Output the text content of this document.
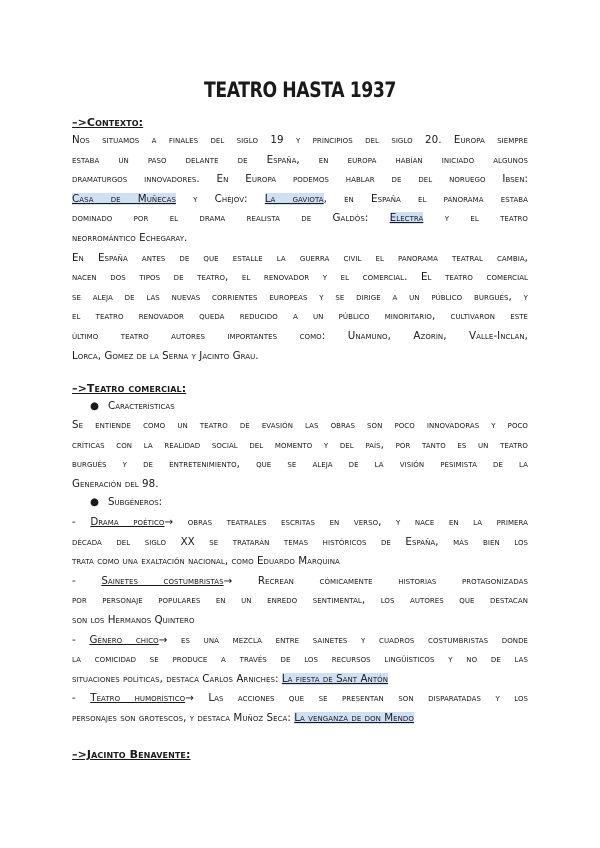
TEATRO HASTA 1937
–>Contexto:
Nos situamos a finales del siglo 19 y principios del siglo 20. Europa siempre
estaba un paso delante de España, en europa habían iniciado algunos
dramaturgos innovadores. En Europa podemos hablar de del noruego Ibsen:
Casa de Muñecas y Chéjov: La gaviota, en España el panorama estaba
dominado por el drama realista de Galdós: Electra y el teatro
neorromántico Echegaray.
En España antes de que estalle la guerra civil el panorama teatral cambia,
nacen dos tipos de teatro, el renovador y el comercial. El teatro comercial
se aleja de las nuevas corrientes europeas y se dirige a un público burgués, y
el teatro renovador queda reducido a un público minoritario, cultivaron este
último teatro autores importantes como: Unamuno, Azorín, Valle-Inclan,
Lorca, Gomez de la Serna y Jacinto Grau.
–>Teatro comercial:
● Características
Se entiende como un teatro de evasión las obras son poco innovadoras y poco
críticas con la realidad social del momento y del país, por tanto es un teatro
burgués y de entretenimiento, que se aleja de la visión pesimista de la
Generación del 98.
● Subgéneros:
- Drama poético→ obras teatrales escritas en verso, y nace en la primera
década del siglo XX se tratarán temas históricos de España, más bien los
trata como una exaltación nacional, como Eduardo Marquina
- Sainetes costumbristas→ Recrean cómicamente historias protagonizadas
por personaje populares en un enredo sentimental, los autores que destacan
son los Hermanos Quintero
- Género chico→ es una mezcla entre sainetes y cuadros costumbristas donde
la comicidad se produce a través de los recursos lingüísticos y no de las
situaciones políticas, destaca Carlos Arniches: La fiesta de Sant Antón
- Teatro humorístico→ Las acciones que se presentan son disparatadas y los
personajes son grotescos, y destaca Muñoz Seca: La venganza de don Mendo
–>Jacinto Benavente:
